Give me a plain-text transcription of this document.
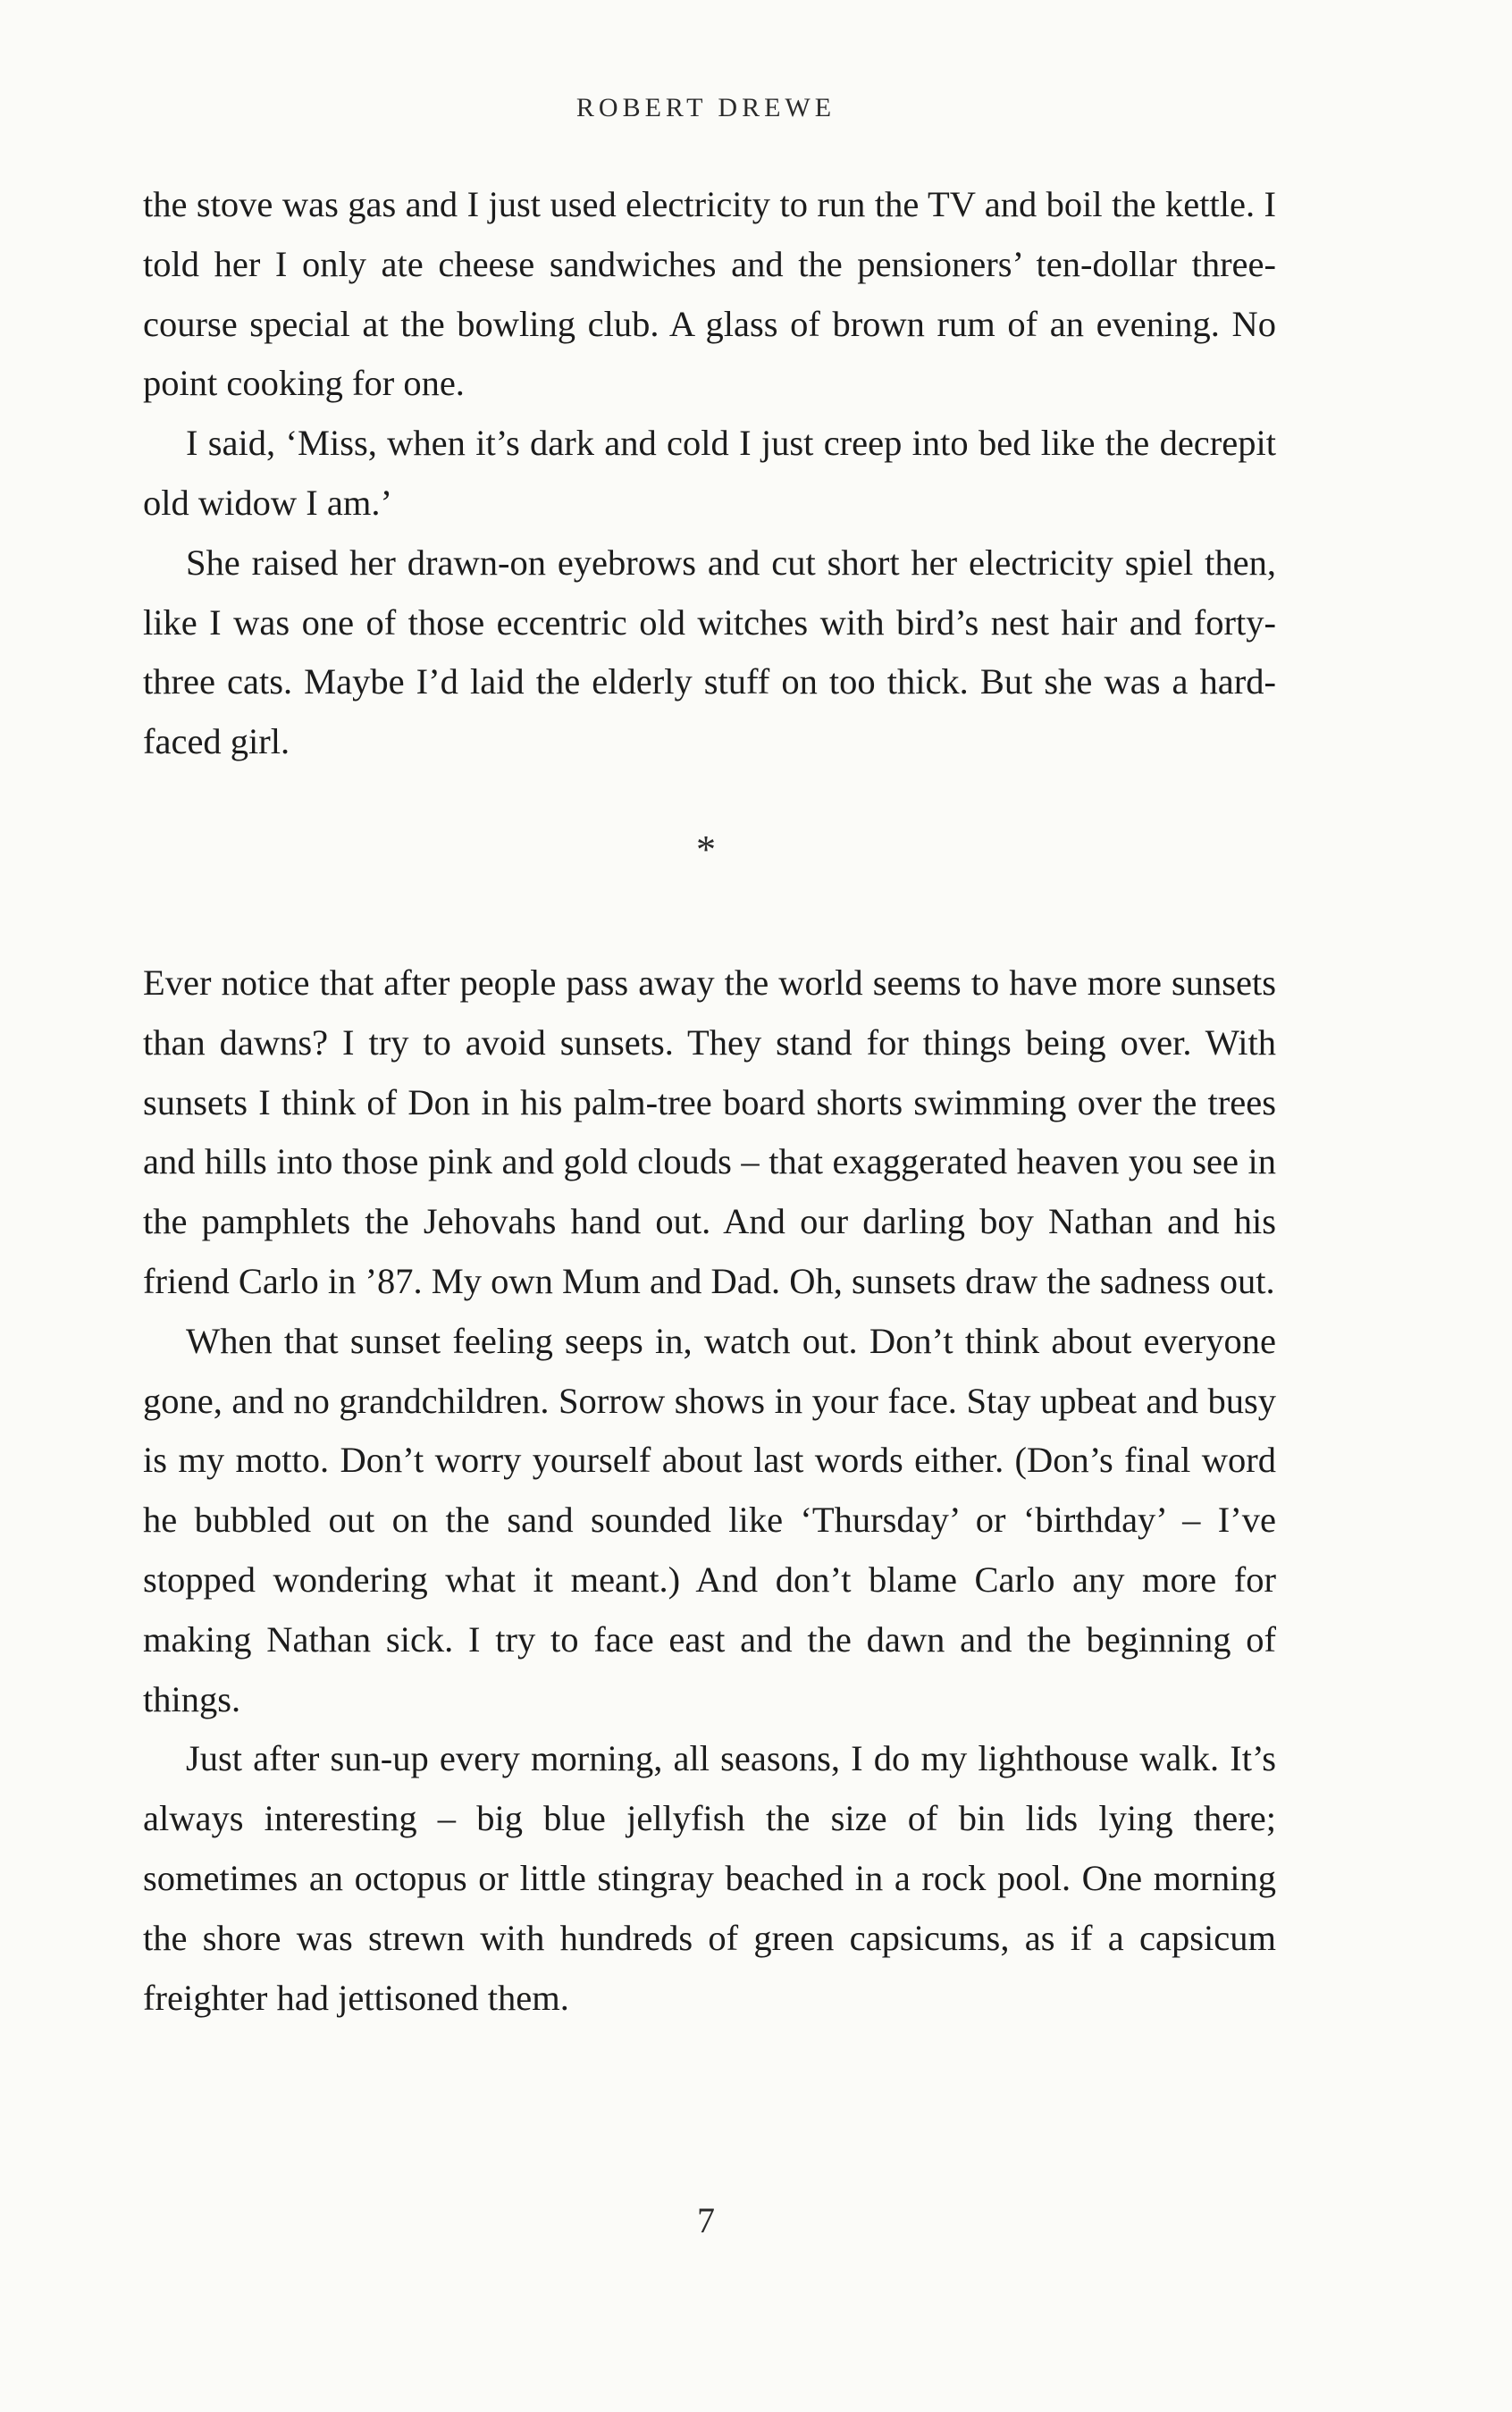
ROBERT DREWE

the stove was gas and I just used electricity to run the TV and boil the kettle. I told her I only ate cheese sandwiches and the pensioners’ ten-dollar three-course special at the bowling club. A glass of brown rum of an evening. No point cooking for one.

I said, ‘Miss, when it’s dark and cold I just creep into bed like the decrepit old widow I am.’

She raised her drawn-on eyebrows and cut short her electricity spiel then, like I was one of those eccentric old witches with bird’s nest hair and forty-three cats. Maybe I’d laid the elderly stuff on too thick. But she was a hard-faced girl.

*

Ever notice that after people pass away the world seems to have more sunsets than dawns? I try to avoid sunsets. They stand for things being over. With sunsets I think of Don in his palm-tree board shorts swimming over the trees and hills into those pink and gold clouds – that exaggerated heaven you see in the pamphlets the Jehovahs hand out. And our darling boy Nathan and his friend Carlo in ’87. My own Mum and Dad. Oh, sunsets draw the sadness out.

When that sunset feeling seeps in, watch out. Don’t think about everyone gone, and no grandchildren. Sorrow shows in your face. Stay upbeat and busy is my motto. Don’t worry yourself about last words either. (Don’s final word he bubbled out on the sand sounded like ‘Thursday’ or ‘birthday’ – I’ve stopped wondering what it meant.) And don’t blame Carlo any more for making Nathan sick. I try to face east and the dawn and the beginning of things.

Just after sun-up every morning, all seasons, I do my lighthouse walk. It’s always interesting – big blue jellyfish the size of bin lids lying there; sometimes an octopus or little stingray beached in a rock pool. One morning the shore was strewn with hundreds of green capsicums, as if a capsicum freighter had jettisoned them.

7
